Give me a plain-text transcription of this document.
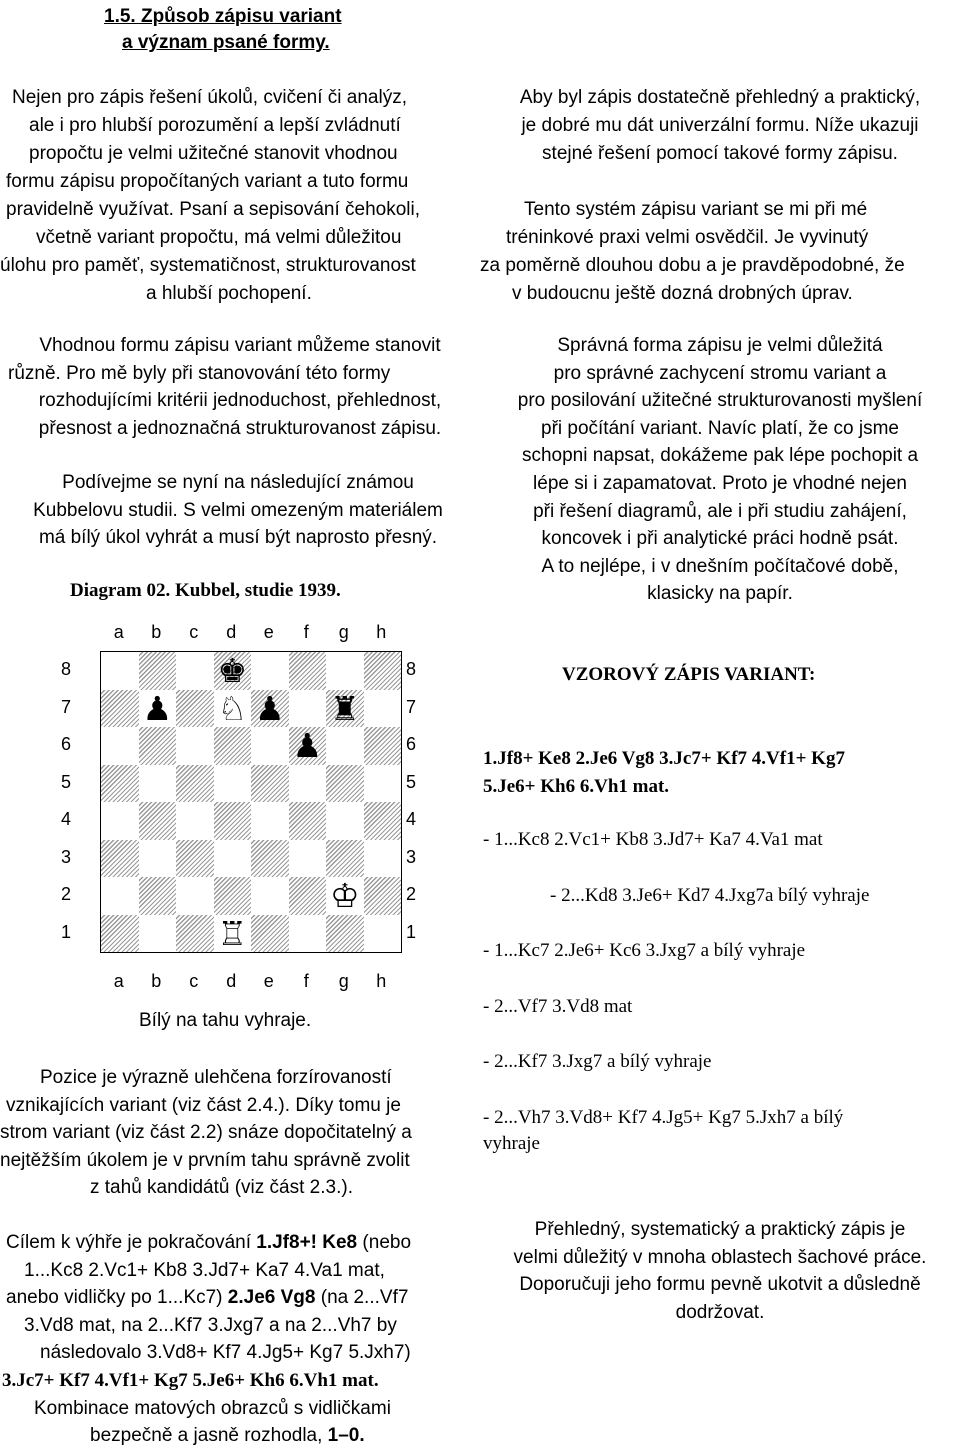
1.5. Způsob zápisu variant
a význam psané formy.
Nejen pro zápis řešení úkolů, cvičení či analýz,
ale i pro hlubší porozumění a lepší zvládnutí
propočtu je velmi užitečné stanovit vhodnou
formu zápisu propočítaných variant a tuto formu
pravidelně využívat. Psaní a sepisování čehokoli,
včetně variant propočtu, má velmi důležitou
úlohu pro paměť, systematičnost, strukturovanost
a hlubší pochopení.
Aby byl zápis dostatečně přehledný a praktický,
je dobré mu dát univerzální formu. Níže ukazuji
stejné řešení pomocí takové formy zápisu.
Tento systém zápisu variant se mi při mé
tréninkové praxi velmi osvědčil. Je vyvinutý
za poměrně dlouhou dobu a je pravděpodobné, že
v budoucnu ještě dozná drobných úprav.
Vhodnou formu zápisu variant můžeme stanovit
různě. Pro mě byly při stanovování této formy
rozhodujícími kritérii jednoduchost, přehlednost,
přesnost a jednoznačná strukturovanost zápisu.
Podívejme se nyní na následující známou
Kubbelovu studii. S velmi omezeným materiálem
má bílý úkol vyhrát a musí být naprosto přesný.
Správná forma zápisu je velmi důležitá
pro správné zachycení stromu variant a
pro posilování užitečné strukturovanosti myšlení
při počítání variant. Navíc platí, že co jsme
schopni napsat, dokážeme pak lépe pochopit a
lépe si i zapamatovat. Proto je vhodné nejen
při řešení diagramů, ale i při studiu zahájení,
koncovek i při analytické práci hodně psát.
A to nejlépe, i v dnešním počítačové době,
klasicky na papír.
Diagram 02. Kubbel, studie 1939.
a
a
b
b
c
c
d
d
e
e
f
f
g
g
h
h
8	8
7	7
6	6
5	5
4	4
3	3
2	2
1	1
♚
♟ ♘ ♟ ♜
♟
♔
♖
Bílý na tahu vyhraje.
VZOROVÝ ZÁPIS VARIANT:
1.Jf8+ Ke8 2.Je6 Vg8 3.Jc7+ Kf7 4.Vf1+ Kg7
5.Je6+ Kh6 6.Vh1 mat.
- 1...Kc8 2.Vc1+ Kb8 3.Jd7+ Ka7 4.Va1 mat
- 2...Kd8 3.Je6+ Kd7 4.Jxg7a bílý vyhraje
- 1...Kc7 2.Je6+ Kc6 3.Jxg7 a bílý vyhraje
- 2...Vf7 3.Vd8 mat
- 2...Kf7 3.Jxg7 a bílý vyhraje
- 2...Vh7 3.Vd8+ Kf7 4.Jg5+ Kg7 5.Jxh7 a bílý
vyhraje
Pozice je výrazně ulehčena forzírovaností
vznikajících variant (viz část 2.4.). Díky tomu je
strom variant (viz část 2.2) snáze dopočitatelný a
nejtěžším úkolem je v prvním tahu správně zvolit
z tahů kandidátů (viz část 2.3.).
Cílem k výhře je pokračování 1.Jf8+! Ke8 (nebo
1...Kc8 2.Vc1+ Kb8 3.Jd7+ Ka7 4.Va1 mat,
anebo vidličky po 1...Kc7) 2.Je6 Vg8 (na 2...Vf7
3.Vd8 mat, na 2...Kf7 3.Jxg7 a na 2...Vh7 by
následovalo 3.Vd8+ Kf7 4.Jg5+ Kg7 5.Jxh7)
3.Jc7+ Kf7 4.Vf1+ Kg7 5.Je6+ Kh6 6.Vh1 mat.
Kombinace matových obrazců s vidličkami
bezpečně a jasně rozhodla, 1–0.
Přehledný, systematický a praktický zápis je
velmi důležitý v mnoha oblastech šachové práce.
Doporučuji jeho formu pevně ukotvit a důsledně
dodržovat.
